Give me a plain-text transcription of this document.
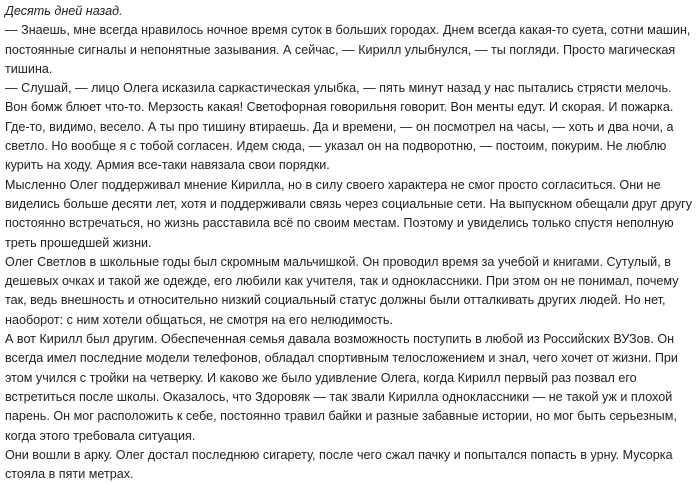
Десять дней назад.

— Знаешь, мне всегда нравилось ночное время суток в больших городах. Днем всегда какая-то суета, сотни машин, постоянные сигналы и непонятные зазывания. А сейчас, — Кирилл улыбнулся, — ты погляди. Просто магическая тишина.

— Слушай, — лицо Олега исказила саркастическая улыбка, — пять минут назад у нас пытались стрясти мелочь. Вон бомж блюет что-то. Мерзость какая! Светофорная говорильня говорит. Вон менты едут. И скорая. И пожарка. Где-то, видимо, весело. А ты про тишину втираешь. Да и времени, — он посмотрел на часы, — хоть и два ночи, а светло. Но вообще я с тобой согласен. Идем сюда, — указал он на подворотню, — постоим, покурим. Не люблю курить на ходу. Армия все-таки навязала свои порядки.

Мысленно Олег поддерживал мнение Кирилла, но в силу своего характера не смог просто согласиться. Они не виделись больше десяти лет, хотя и поддерживали связь через социальные сети. На выпускном обещали друг другу постоянно встречаться, но жизнь расставила всё по своим местам. Поэтому и увиделись только спустя неполную треть прошедшей жизни.

Олег Светлов в школьные годы был скромным мальчишкой. Он проводил время за учебой и книгами. Сутулый, в дешевых очках и такой же одежде, его любили как учителя, так и одноклассники. При этом он не понимал, почему так, ведь внешность и относительно низкий социальный статус должны были отталкивать других людей. Но нет, наоборот: с ним хотели общаться, не смотря на его нелюдимость.

А вот Кирилл был другим. Обеспеченная семья давала возможность поступить в любой из Российских ВУЗов. Он всегда имел последние модели телефонов, обладал спортивным телосложением и знал, чего хочет от жизни. При этом учился с тройки на четверку. И каково же было удивление Олега, когда Кирилл первый раз позвал его встретиться после школы. Оказалось, что Здоровяк — так звали Кирилла одноклассники — не такой уж и плохой парень. Он мог расположить к себе, постоянно травил байки и разные забавные истории, но мог быть серьезным, когда этого требовала ситуация.

Они вошли в арку. Олег достал последнюю сигарету, после чего сжал пачку и попытался попасть в урну. Мусорка стояла в пяти метрах.
